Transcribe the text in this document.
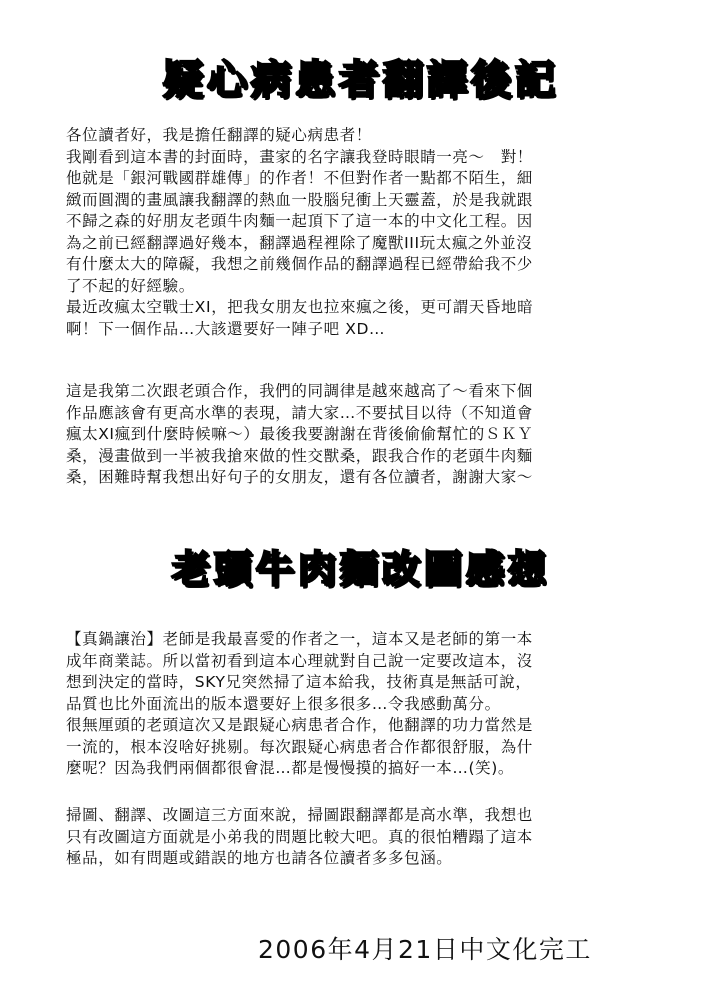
疑心病患者翻譯後記
各位讀者好，我是擔任翻譯的疑心病患者！
我剛看到這本書的封面時，畫家的名字讓我登時眼睛一亮～　對！
他就是「銀河戰國群雄傳」的作者！不但對作者一點都不陌生，細
緻而圓潤的畫風讓我翻譯的熱血一股腦兒衝上天靈蓋，於是我就跟
不歸之森的好朋友老頭牛肉麵一起頂下了這一本的中文化工程。因
為之前已經翻譯過好幾本，翻譯過程裡除了魔獸III玩太瘋之外並沒
有什麼太大的障礙，我想之前幾個作品的翻譯過程已經帶給我不少
了不起的好經驗。
最近改瘋太空戰士XI，把我女朋友也拉來瘋之後，更可謂天昏地暗
啊！下一個作品…大該還要好一陣子吧 XD…
這是我第二次跟老頭合作，我們的同調律是越來越高了～看來下個
作品應該會有更高水準的表現，請大家…不要拭目以待（不知道會
瘋太XI瘋到什麼時候嘛～）最後我要謝謝在背後偷偷幫忙的ＳＫＹ
桑，漫畫做到一半被我搶來做的性交獸桑，跟我合作的老頭牛肉麵
桑，困難時幫我想出好句子的女朋友，還有各位讀者，謝謝大家～
老頭牛肉麵改圖感想
【真鍋讓治】老師是我最喜愛的作者之一，這本又是老師的第一本
成年商業誌。所以當初看到這本心理就對自己說一定要改這本，沒
想到決定的當時，SKY兄突然掃了這本給我，技術真是無話可說，
品質也比外面流出的版本還要好上很多很多…令我感動萬分。
很無厘頭的老頭這次又是跟疑心病患者合作，他翻譯的功力當然是
一流的，根本沒啥好挑剔。每次跟疑心病患者合作都很舒服，為什
麼呢？因為我們兩個都很會混…都是慢慢摸的搞好一本…(笑)。
掃圖、翻譯、改圖這三方面來說，掃圖跟翻譯都是高水準，我想也
只有改圖這方面就是小弟我的問題比較大吧。真的很怕糟蹋了這本
極品，如有問題或錯誤的地方也請各位讀者多多包涵。
2006年4月21日中文化完工
